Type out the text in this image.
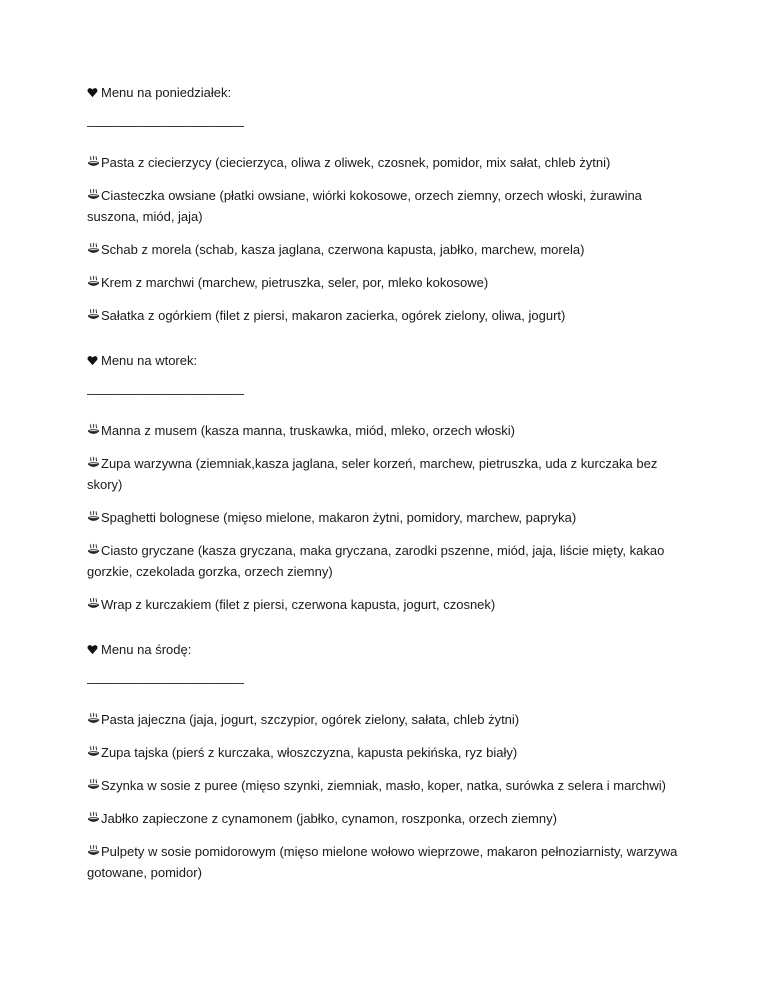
Menu na poniedziałek:
—————————————
Pasta z ciecierzycy (ciecierzyca, oliwa z oliwek, czosnek, pomidor, mix sałat, chleb żytni)
Ciasteczka owsiane (płatki owsiane, wiórki kokosowe, orzech ziemny, orzech włoski, żurawina suszona, miód, jaja)
Schab z morela (schab, kasza jaglana, czerwona kapusta, jabłko, marchew, morela)
Krem z marchwi (marchew, pietruszka, seler, por, mleko kokosowe)
Sałatka z ogórkiem (filet z piersi, makaron zacierka, ogórek zielony, oliwa, jogurt)
Menu na wtorek:
—————————————
Manna z musem (kasza manna, truskawka, miód, mleko, orzech włoski)
Zupa warzywna (ziemniak,kasza jaglana, seler korzeń, marchew, pietruszka, uda z kurczaka bez skory)
Spaghetti bolognese (mięso mielone, makaron żytni, pomidory, marchew, papryka)
Ciasto gryczane (kasza gryczana, maka gryczana, zarodki pszenne, miód, jaja, liście mięty, kakao gorzkie, czekolada gorzka, orzech ziemny)
Wrap z kurczakiem (filet z piersi, czerwona kapusta, jogurt, czosnek)
Menu na środę:
—————————————
Pasta jajeczna (jaja, jogurt, szczypior, ogórek zielony, sałata, chleb żytni)
Zupa tajska (pierś z kurczaka, włoszczyzna, kapusta pekińska, ryz biały)
Szynka w sosie z puree (mięso szynki, ziemniak, masło, koper, natka, surówka z selera i marchwi)
Jabłko zapieczone z cynamonem (jabłko, cynamon, roszponka, orzech ziemny)
Pulpety w sosie pomidorowym (mięso mielone wołowo wieprzowe, makaron pełnoziarnisty, warzywa gotowane, pomidor)
